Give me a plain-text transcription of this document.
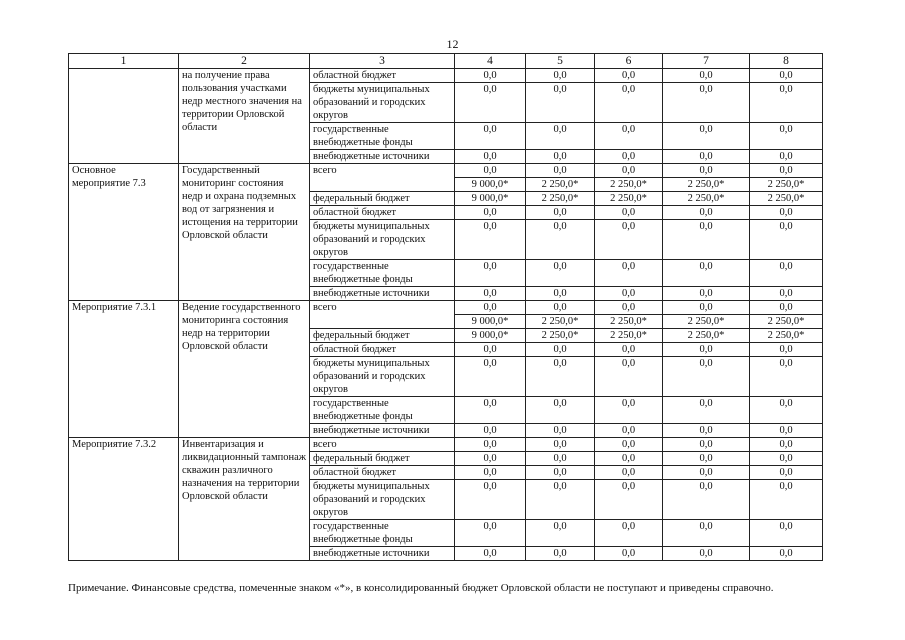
12
1	2	3	4	5	6	7	8
	на получение права пользования участками недр местного значения на территории Орловской области	областной бюджет	0,0	0,0	0,0	0,0	0,0
		бюджеты муниципальных образований и городских округов	0,0	0,0	0,0	0,0	0,0
		государственные внебюджетные фонды	0,0	0,0	0,0	0,0	0,0
		внебюджетные источники	0,0	0,0	0,0	0,0	0,0
Основное мероприятие 7.3	Государственный мониторинг состояния недр и охрана подземных вод от загрязнения и истощения на территории Орловской области	всего	0,0	0,0	0,0	0,0	0,0
			9 000,0*	2 250,0*	2 250,0*	2 250,0*	2 250,0*
		федеральный бюджет	9 000,0*	2 250,0*	2 250,0*	2 250,0*	2 250,0*
		областной бюджет	0,0	0,0	0,0	0,0	0,0
		бюджеты муниципальных образований и городских округов	0,0	0,0	0,0	0,0	0,0
		государственные внебюджетные фонды	0,0	0,0	0,0	0,0	0,0
		внебюджетные источники	0,0	0,0	0,0	0,0	0,0
Мероприятие 7.3.1	Ведение государственного мониторинга состояния недр на территории Орловской области	всего	0,0	0,0	0,0	0,0	0,0
			9 000,0*	2 250,0*	2 250,0*	2 250,0*	2 250,0*
		федеральный бюджет	9 000,0*	2 250,0*	2 250,0*	2 250,0*	2 250,0*
		областной бюджет	0,0	0,0	0,0	0,0	0,0
		бюджеты муниципальных образований и городских округов	0,0	0,0	0,0	0,0	0,0
		государственные внебюджетные фонды	0,0	0,0	0,0	0,0	0,0
		внебюджетные источники	0,0	0,0	0,0	0,0	0,0
Мероприятие 7.3.2	Инвентаризация и ликвидационный тампонаж скважин различного назначения на территории Орловской области	всего	0,0	0,0	0,0	0,0	0,0
		федеральный бюджет	0,0	0,0	0,0	0,0	0,0
		областной бюджет	0,0	0,0	0,0	0,0	0,0
		бюджеты муниципальных образований и городских округов	0,0	0,0	0,0	0,0	0,0
		государственные внебюджетные фонды	0,0	0,0	0,0	0,0	0,0
		внебюджетные источники	0,0	0,0	0,0	0,0	0,0
Примечание. Финансовые средства, помеченные знаком «*», в консолидированный бюджет Орловской области не поступают и приведены справочно.
